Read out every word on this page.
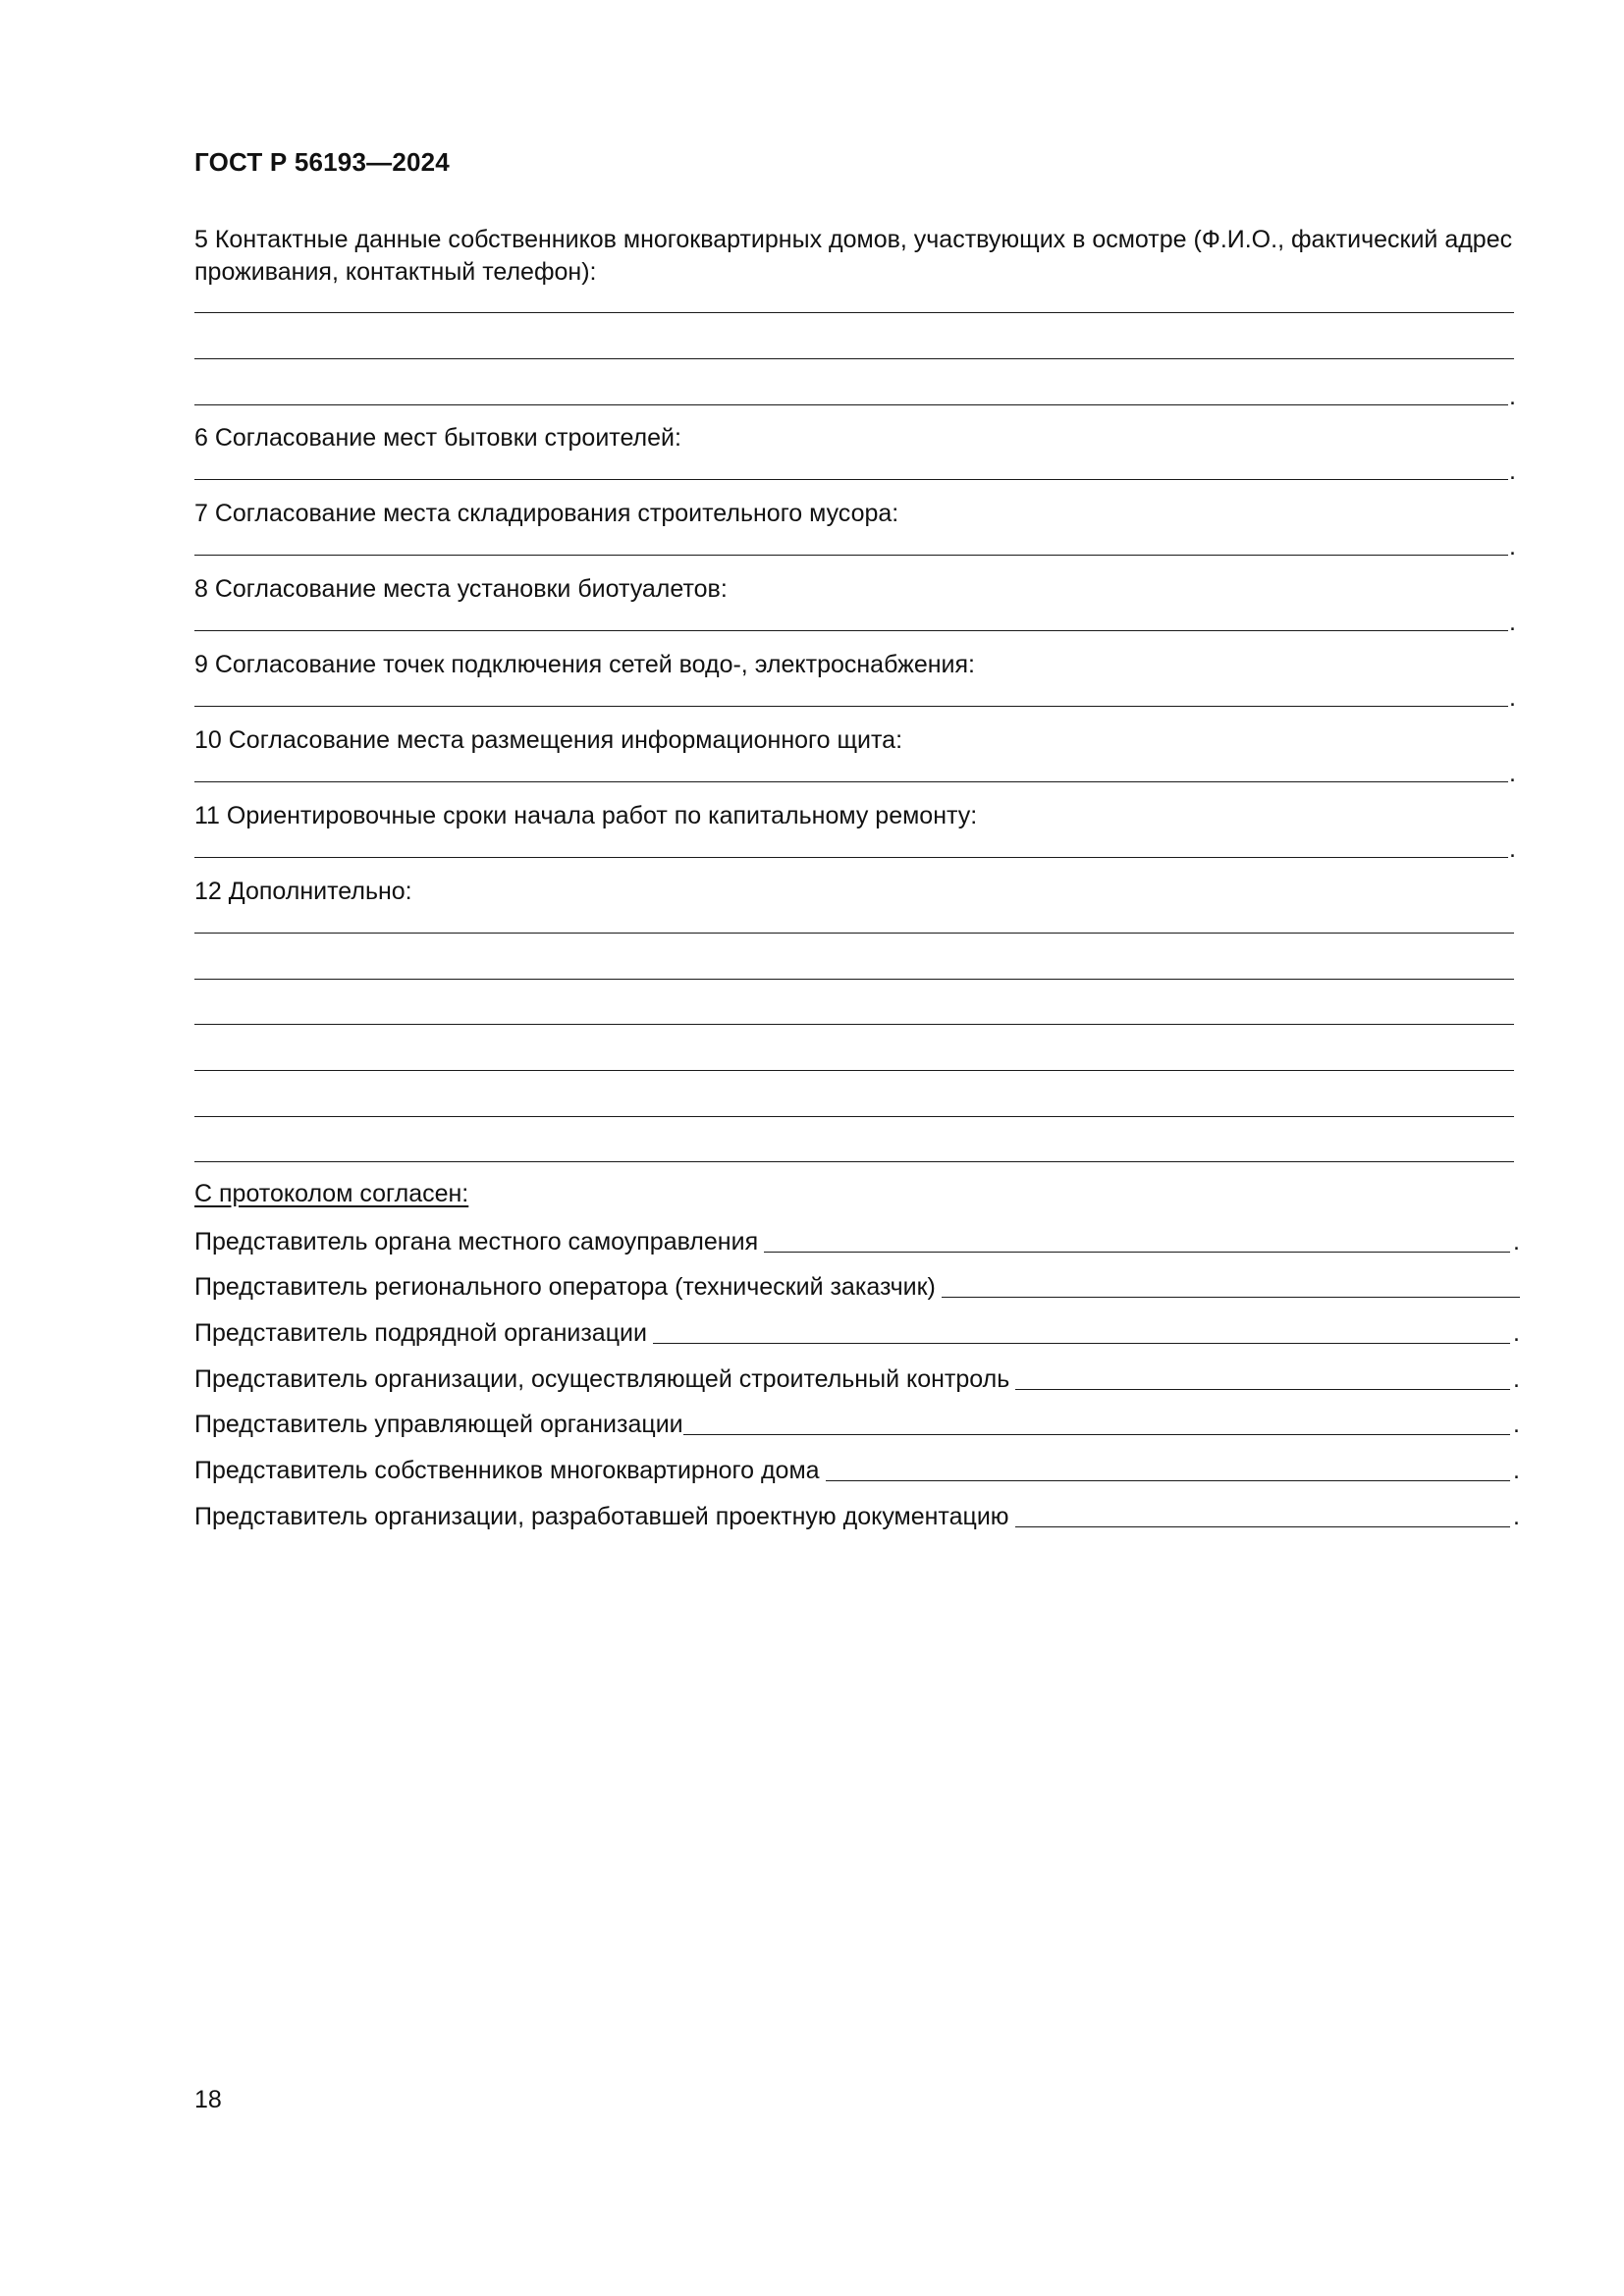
ГОСТ Р 56193—2024
5 Контактные данные собственников многоквартирных домов, участвующих в осмотре (Ф.И.О., фактический адрес проживания, контактный телефон):
.
6 Согласование мест бытовки строителей:
.
7 Согласование места складирования строительного мусора:
.
8 Согласование места установки биотуалетов:
.
9 Согласование точек подключения сетей водо-, электроснабжения:
.
10 Согласование места размещения информационного щита:
.
11 Ориентировочные сроки начала работ по капитальному ремонту:
.
12 Дополнительно:
С протоколом согласен:
Представитель органа местного самоуправления	.
Представитель регионального оператора (технический заказчик)
Представитель подрядной организации	.
Представитель организации, осуществляющей строительный контроль	.
Представитель управляющей организации	.
Представитель собственников многоквартирного дома	.
Представитель организации, разработавшей проектную документацию	.
18
